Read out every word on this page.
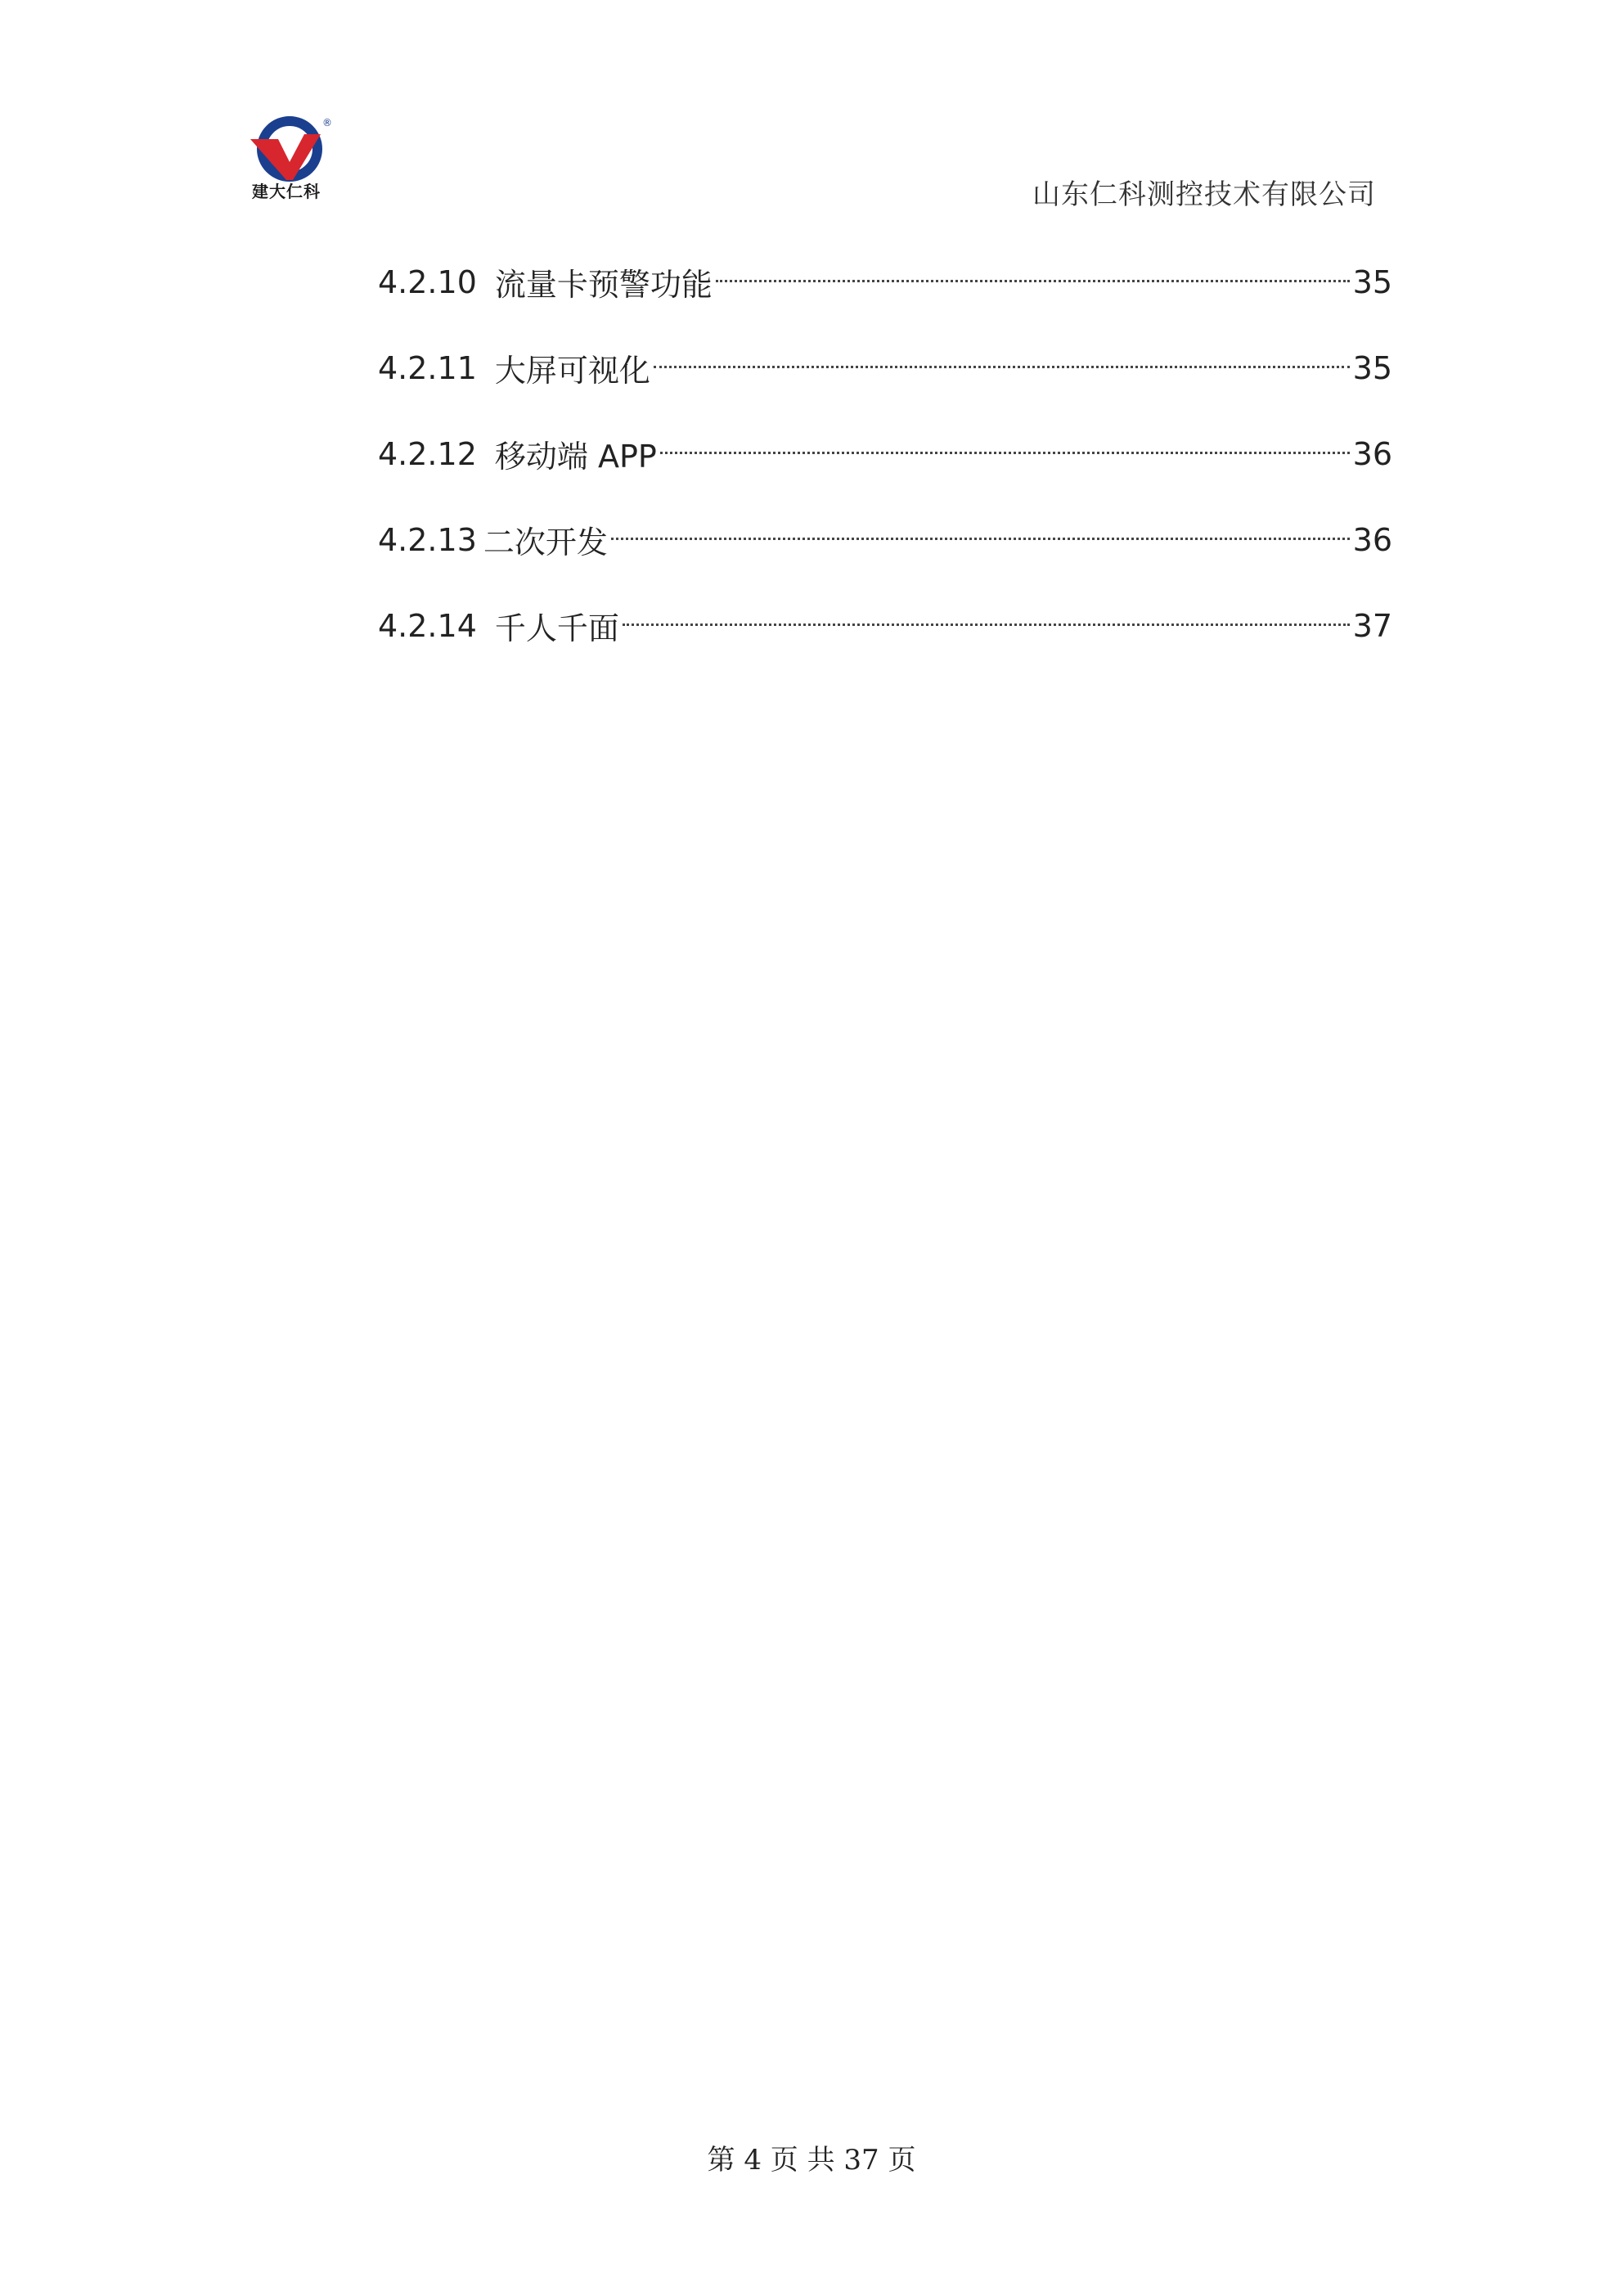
®
建大仁科	山东仁科测控技术有限公司
4.2.10 流量卡预警功能	35
4.2.11 大屏可视化	35
4.2.12 移动端 APP	36
4.2.13 二次开发	36
4.2.14 千人千面	37
第 4 页 共 37 页
